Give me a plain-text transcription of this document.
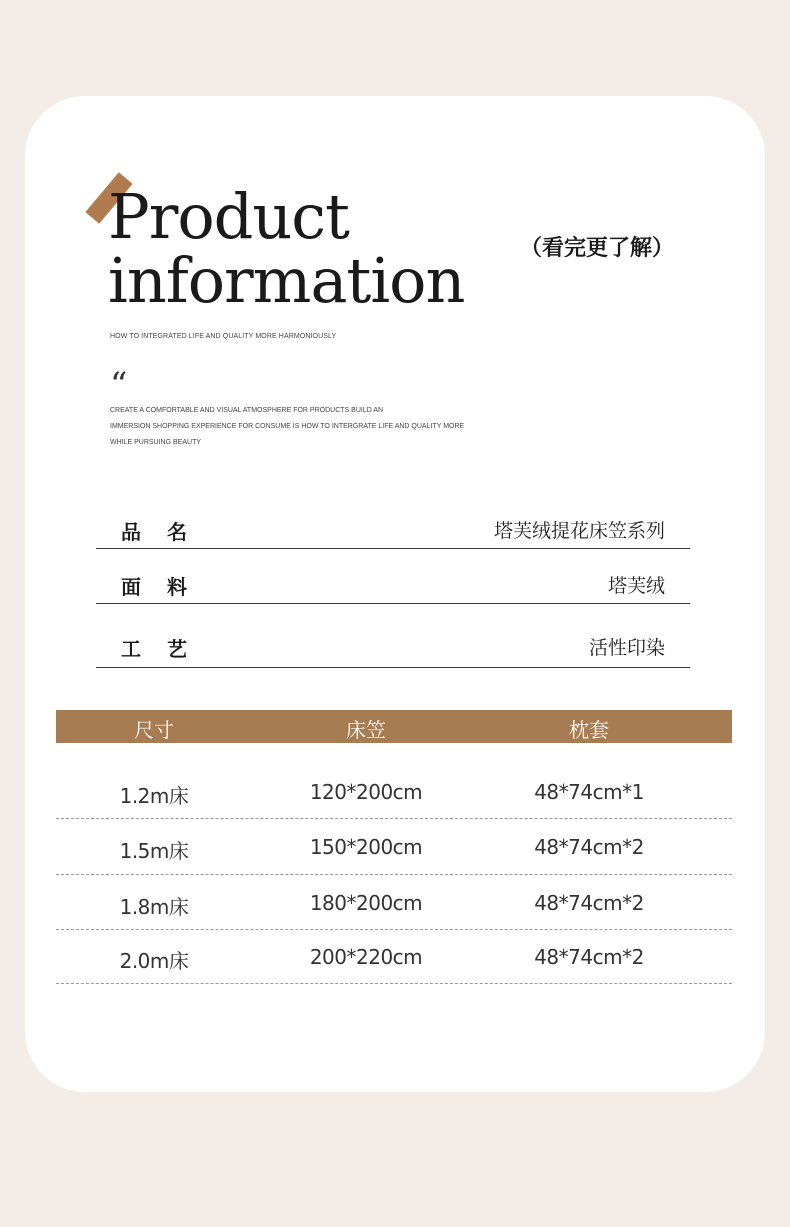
Product
information	（看完更了解）
HOW TO INTEGRATED LIFE AND QUALITY MORE HARMONIOUSLY
“
CREATE A COMFORTABLE AND VISUAL ATMOSPHERE FOR PRODUCTS BUILD AN
IMMERSION SHOPPING EXPERIENCE FOR CONSUME IS HOW TO INTERGRATE LIFE AND QUALITY MORE
WHILE PURSUING BEAUTY
品名	塔芙绒提花床笠系列
面料	塔芙绒
工艺	活性印染
尺寸	床笠	枕套
1.2m床	120*200cm	48*74cm*1
1.5m床	150*200cm	48*74cm*2
1.8m床	180*200cm	48*74cm*2
2.0m床	200*220cm	48*74cm*2
